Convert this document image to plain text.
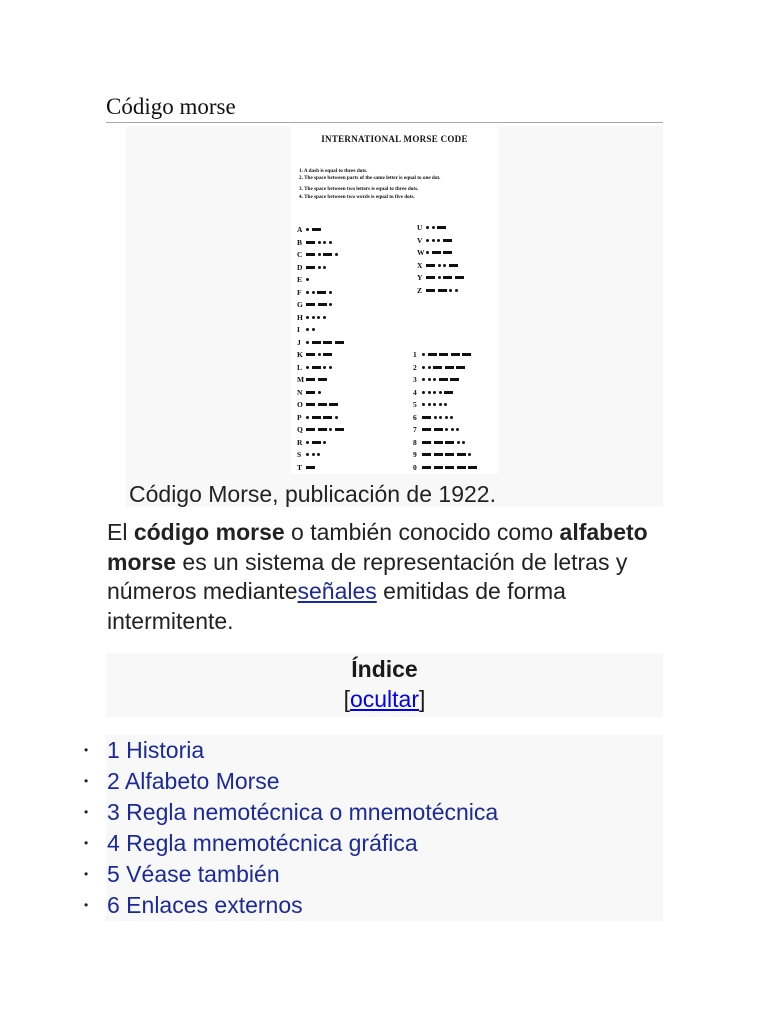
Código morse
INTERNATIONAL MORSE CODE
1. A dash is equal to three dots.
2. The space between parts of the same letter is equal to one dot.
3. The space between two letters is equal to three dots.
4. The space between two words is equal to five dots.
A
B
C
D
E
F
G
H
I
J
K
L
M
N
O
P
Q
R
S
T
U
V
W
X
Y
Z
1
2
3
4
5
6
7
8
9
0
Código Morse, publicación de 1922.
El código morse o también conocido como alfabeto morse es un sistema de representación de letras y números medianteseñales emitidas de forma intermitente.
Índice
[ocultar]
• 1 Historia
• 2 Alfabeto Morse
• 3 Regla nemotécnica o mnemotécnica
• 4 Regla mnemotécnica gráfica
• 5 Véase también
• 6 Enlaces externos
